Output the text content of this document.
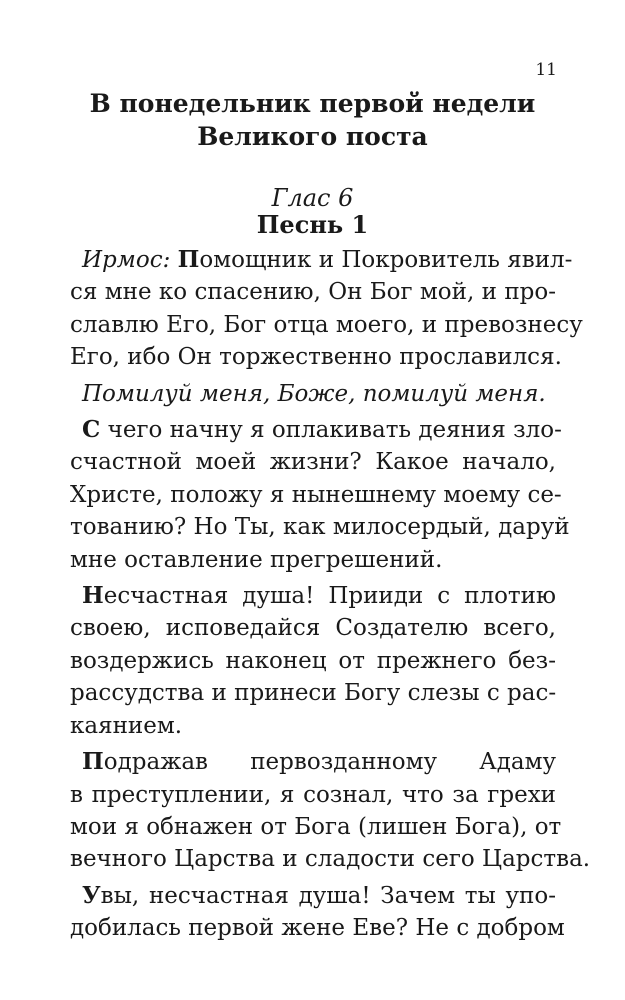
11
В понедельник первой недели
Великого поста
Глас 6
Песнь 1

Ирмос: Помощник и Покровитель явил-
ся мне ко спасению, Он Бог мой, и про-
славлю Его, Бог отца моего, и превознесу
Его, ибо Он торжественно прославился.

Помилуй меня, Боже, помилуй меня.

С чего начну я оплакивать деяния зло-
счастной моей жизни? Какое начало,
Христе, положу я нынешнему моему се-
тованию? Но Ты, как милосердый, даруй
мне оставление прегрешений.

Несчастная душа! Прииди с плотию
своею, исповедайся Создателю всего,
воздержись наконец от прежнего без-
рассудства и принеси Богу слезы с рас-
каянием.

Подражав первозданному Адаму
в преступлении, я сознал, что за грехи
мои я обнажен от Бога (лишен Бога), от
вечного Царства и сладости сего Царства.

Увы, несчастная душа! Зачем ты упо-
добилась первой жене Еве? Не с добром
